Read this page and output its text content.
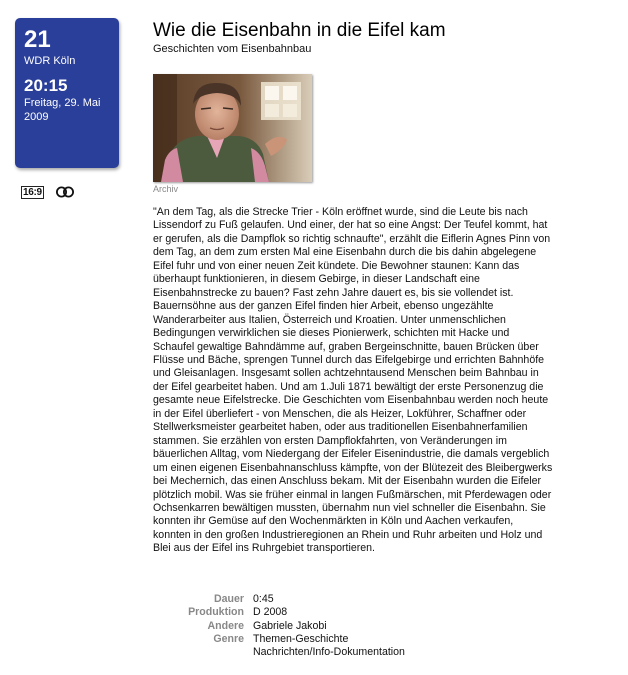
21
WDR Köln
20:15
Freitag, 29. Mai 2009
16:9
Wie die Eisenbahn in die Eifel kam
Geschichten vom Eisenbahnbau
Archiv

"An dem Tag, als die Strecke Trier - Köln eröffnet wurde, sind die Leute bis nach Lissendorf zu Fuß gelaufen. Und einer, der hat so eine Angst: Der Teufel kommt, hat er gerufen, als die Dampflok so richtig schnaufte", erzählt die Eiflerin Agnes Pinn von dem Tag, an dem zum ersten Mal eine Eisenbahn durch die bis dahin abgelegene Eifel fuhr und von einer neuen Zeit kündete. Die Bewohner staunen: Kann das überhaupt funktionieren, in diesem Gebirge, in dieser Landschaft eine Eisenbahnstrecke zu bauen? Fast zehn Jahre dauert es, bis sie vollendet ist. Bauernsöhne aus der ganzen Eifel finden hier Arbeit, ebenso ungezählte Wanderarbeiter aus Italien, Österreich und Kroatien. Unter unmenschlichen Bedingungen verwirklichen sie dieses Pionierwerk, schichten mit Hacke und Schaufel gewaltige Bahndämme auf, graben Bergeinschnitte, bauen Brücken über Flüsse und Bäche, sprengen Tunnel durch das Eifelgebirge und errichten Bahnhöfe und Gleisanlagen. Insgesamt sollen achtzehntausend Menschen beim Bahnbau in der Eifel gearbeitet haben. Und am 1.Juli 1871 bewältigt der erste Personenzug die gesamte neue Eifelstrecke. Die Geschichten vom Eisenbahnbau werden noch heute in der Eifel überliefert - von Menschen, die als Heizer, Lokführer, Schaffner oder Stellwerksmeister gearbeitet haben, oder aus traditionellen Eisenbahnerfamilien stammen. Sie erzählen von ersten Dampflokfahrten, von Veränderungen im bäuerlichen Alltag, vom Niedergang der Eifeler Eisenindustrie, die damals vergeblich um einen eigenen Eisenbahnanschluss kämpfte, von der Blütezeit des Bleibergwerks bei Mechernich, das einen Anschluss bekam. Mit der Eisenbahn wurden die Eifeler plötzlich mobil. Was sie früher einmal in langen Fußmärschen, mit Pferdewagen oder Ochsenkarren bewältigen mussten, übernahm nun viel schneller die Eisenbahn. Sie konnten ihr Gemüse auf den Wochenmärkten in Köln und Aachen verkaufen, konnten in den großen Industrieregionen an Rhein und Ruhr arbeiten und Holz und Blei aus der Eifel ins Ruhrgebiet transportieren.

Dauer 0:45
Produktion D 2008
Andere Gabriele Jakobi
Genre Themen-Geschichte
Nachrichten/Info-Dokumentation
